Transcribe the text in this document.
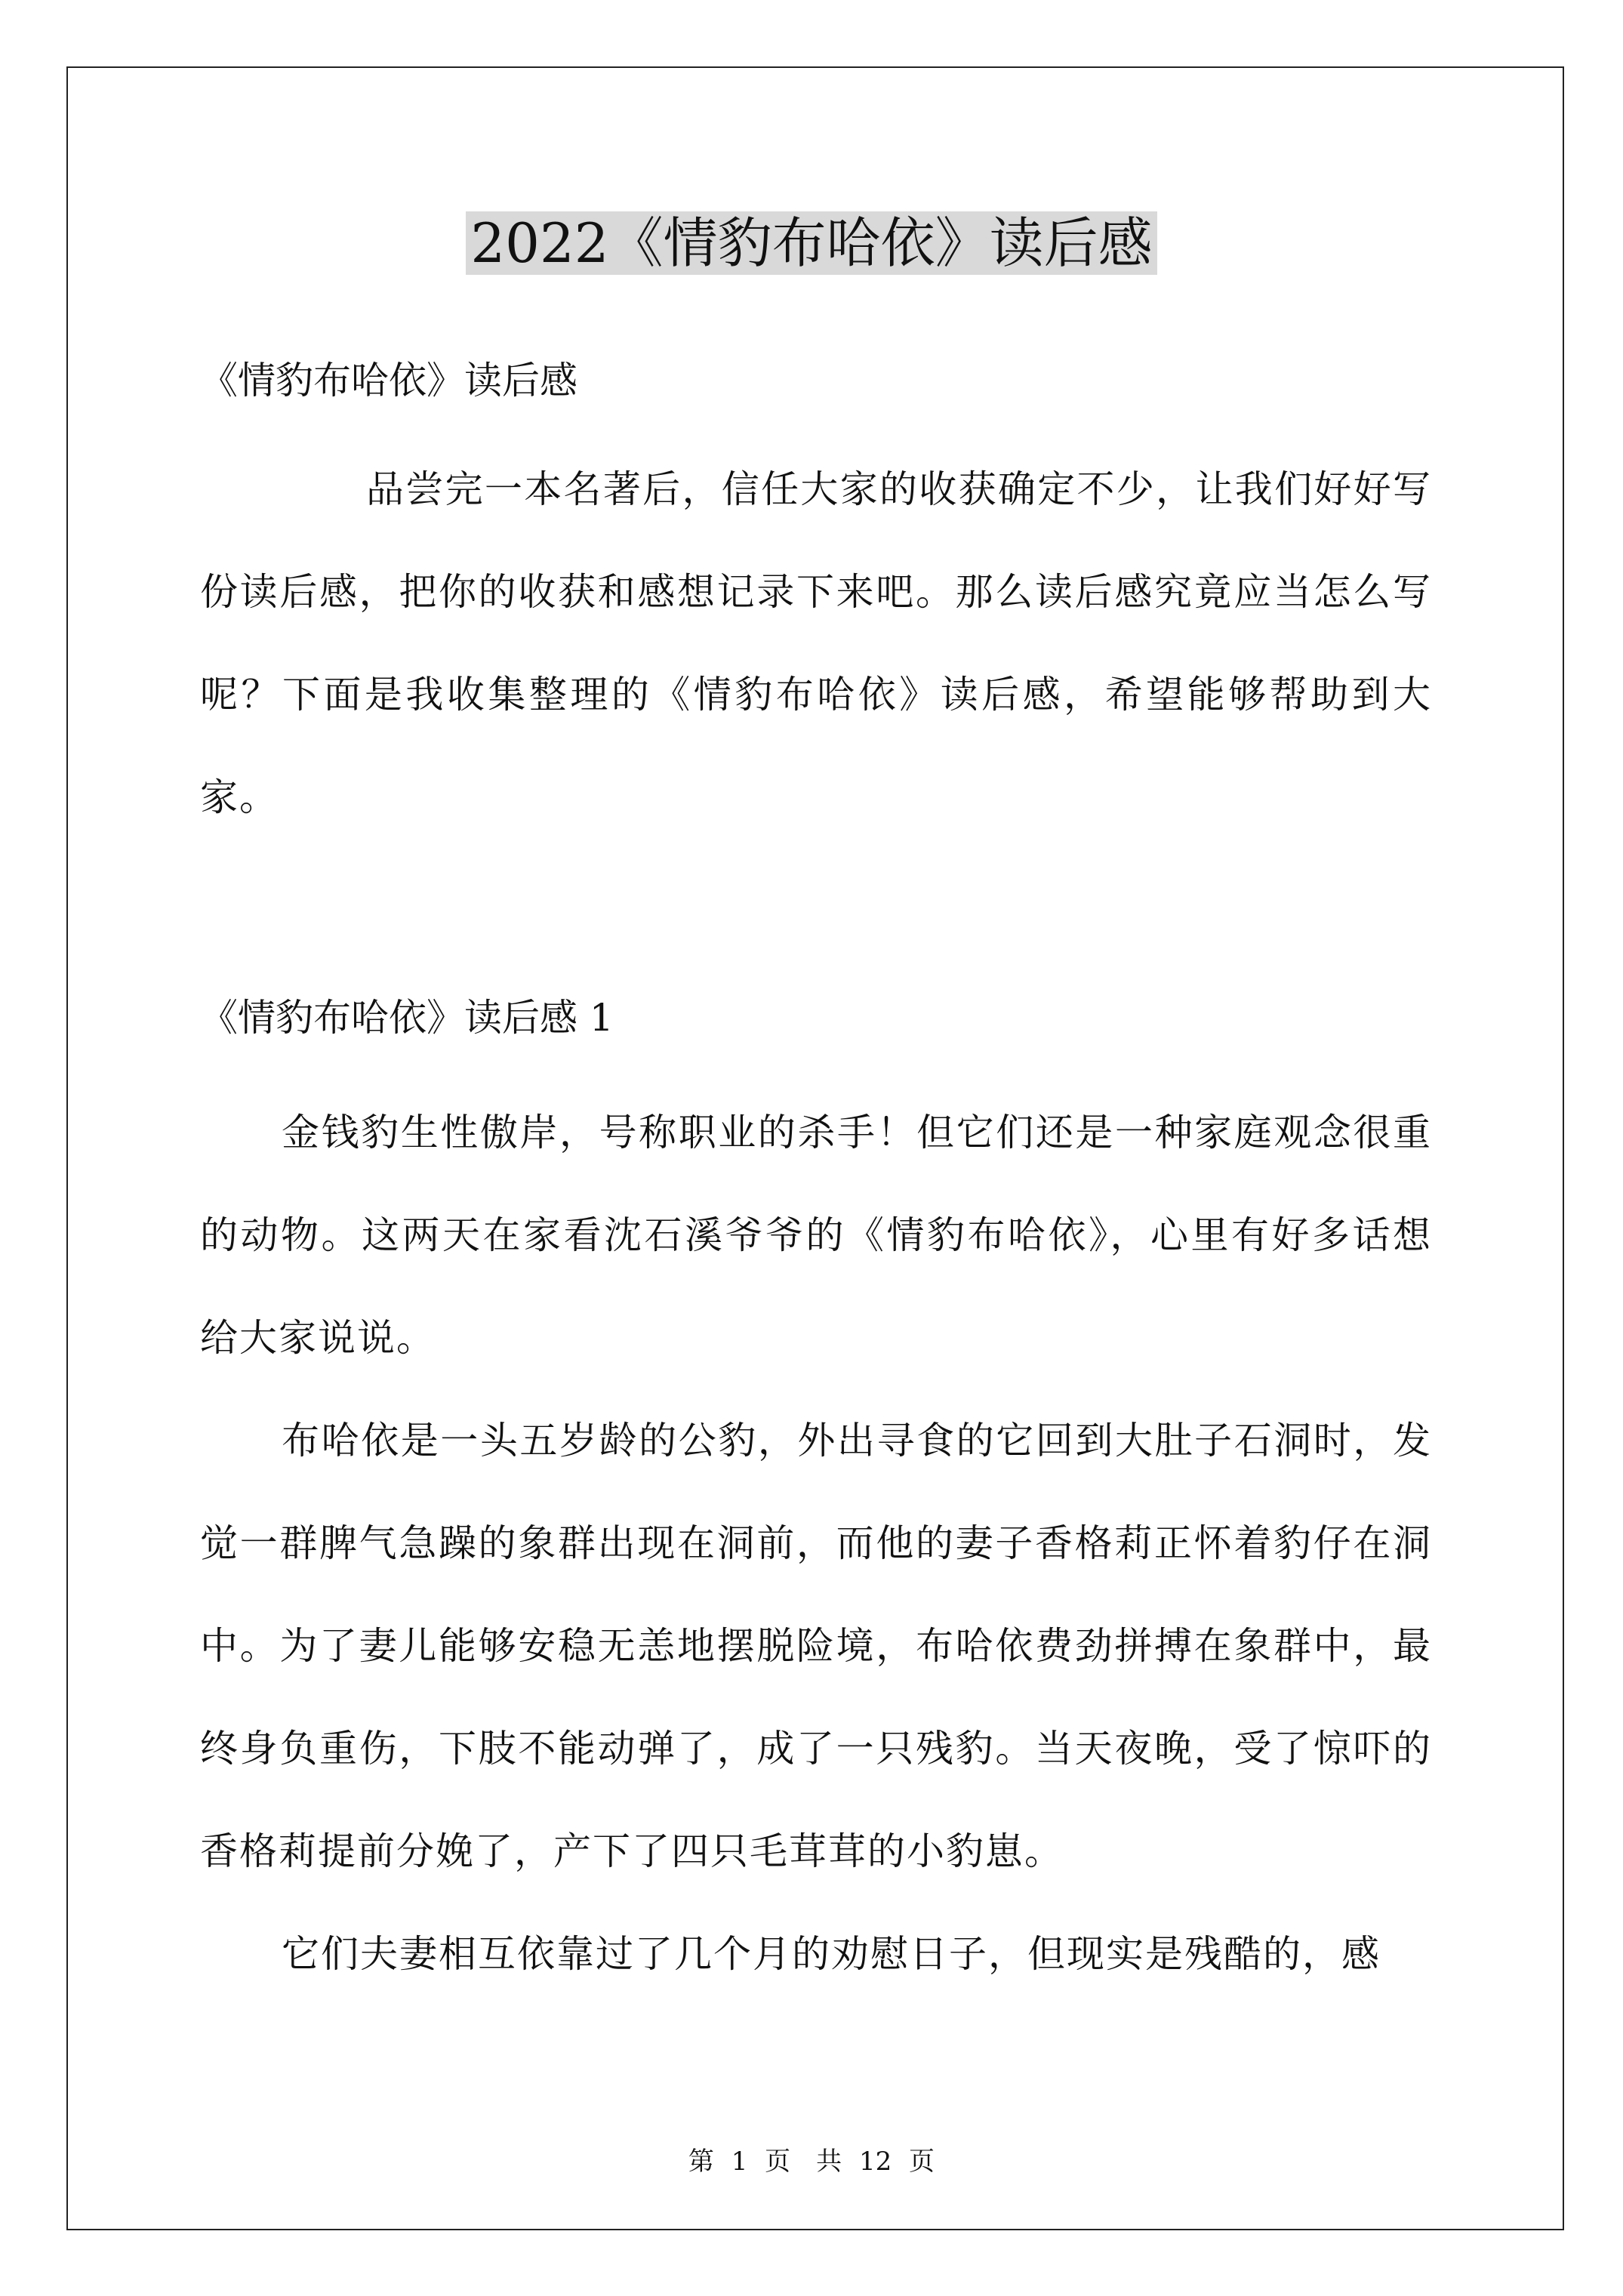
2022《情豹布哈依》读后感
《情豹布哈依》读后感

品尝完一本名著后，信任大家的收获确定不少，让我们好好写份读后感，把你的收获和感想记录下来吧。那么读后感究竟应当怎么写呢？下面是我收集整理的《情豹布哈依》读后感，希望能够帮助到大家。

《情豹布哈依》读后感 1

金钱豹生性傲岸，号称职业的杀手！但它们还是一种家庭观念很重的动物。这两天在家看沈石溪爷爷的《情豹布哈依》，心里有好多话想给大家说说。

布哈依是一头五岁龄的公豹，外出寻食的它回到大肚子石洞时，发觉一群脾气急躁的象群出现在洞前，而他的妻子香格莉正怀着豹仔在洞中。为了妻儿能够安稳无恙地摆脱险境，布哈依费劲拼搏在象群中，最终身负重伤，下肢不能动弹了，成了一只残豹。当天夜晚，受了惊吓的香格莉提前分娩了，产下了四只毛茸茸的小豹崽。

它们夫妻相互依靠过了几个月的劝慰日子，但现实是残酷的，感

第 1 页　共 12 页
